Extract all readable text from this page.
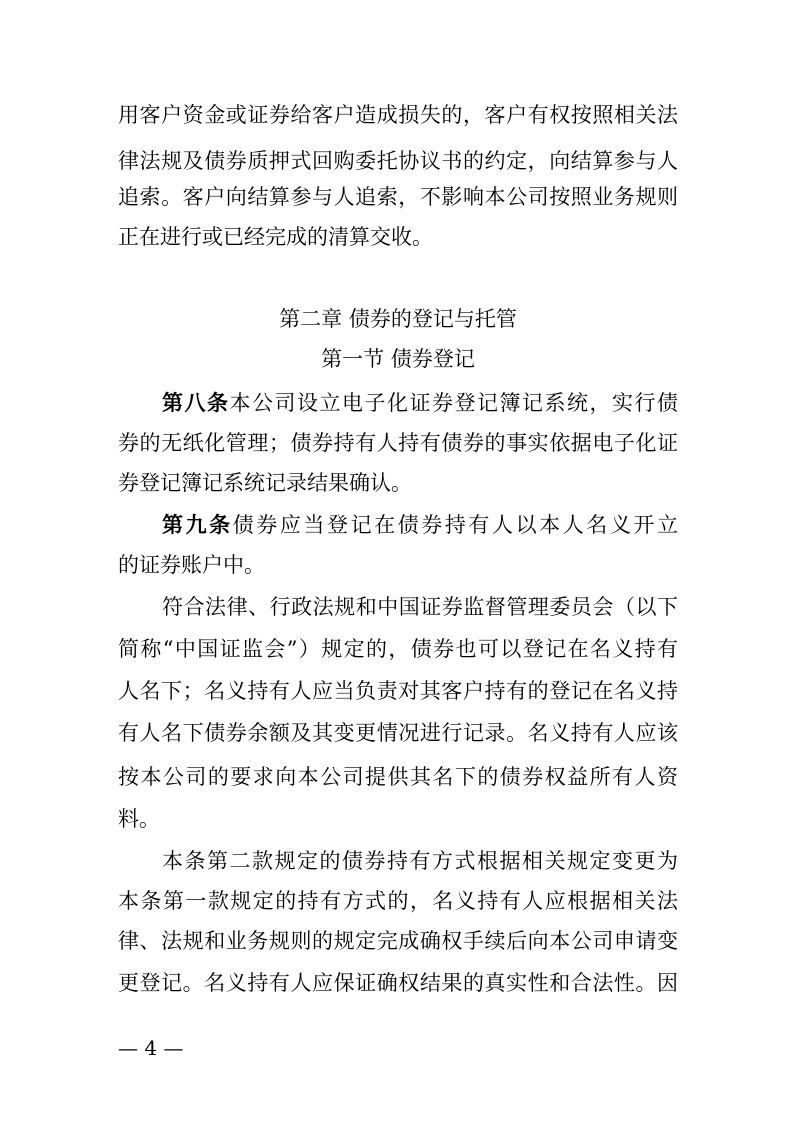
用客户资金或证券给客户造成损失的，客户有权按照相关法
律法规及债券质押式回购委托协议书的约定，向结算参与人
追索。客户向结算参与人追索，不影响本公司按照业务规则
正在进行或已经完成的清算交收。
第二章 债券的登记与托管
第一节 债券登记
第八条本公司设立电子化证券登记簿记系统，实行债
券的无纸化管理；债券持有人持有债券的事实依据电子化证
券登记簿记系统记录结果确认。
第九条债券应当登记在债券持有人以本人名义开立
的证券账户中。
符合法律、行政法规和中国证券监督管理委员会（以下
简称“中国证监会”）规定的，债券也可以登记在名义持有
人名下；名义持有人应当负责对其客户持有的登记在名义持
有人名下债券余额及其变更情况进行记录。名义持有人应该
按本公司的要求向本公司提供其名下的债券权益所有人资
料。
本条第二款规定的债券持有方式根据相关规定变更为
本条第一款规定的持有方式的，名义持有人应根据相关法
律、法规和业务规则的规定完成确权手续后向本公司申请变
更登记。名义持有人应保证确权结果的真实性和合法性。因
— 4 —
